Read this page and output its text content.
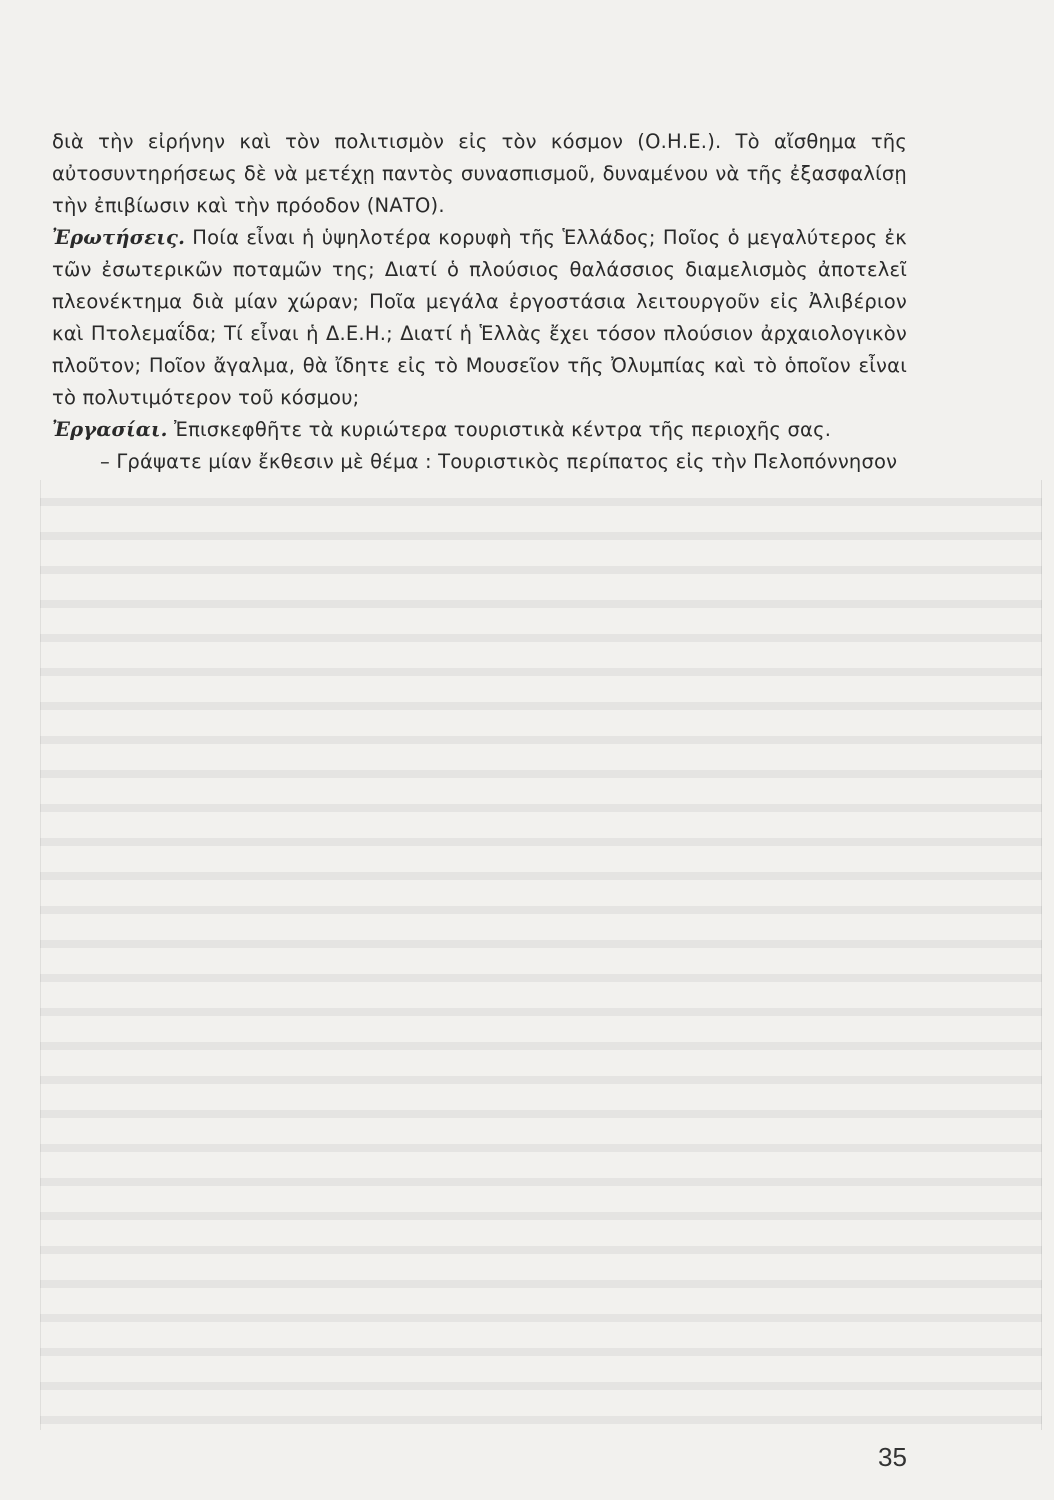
διὰ τὴν εἰρήνην καὶ τὸν πολιτισμὸν εἰς τὸν κόσμον (Ο.Η.Ε.). Τὸ αἴσθημα τῆς αὐτοσυντηρήσεως δὲ νὰ μετέχῃ παντὸς συνασπισμοῦ, δυναμένου νὰ τῆς ἐξασφαλίσῃ τὴν ἐπιβίωσιν καὶ τὴν πρόοδον (ΝΑΤΟ).

Ἐρωτήσεις. Ποία εἶναι ἡ ὑψηλοτέρα κορυφὴ τῆς Ἑλλάδος; Ποῖος ὁ μεγαλύτερος ἐκ τῶν ἐσωτερικῶν ποταμῶν της; Διατί ὁ πλούσιος θαλάσσιος διαμελισμὸς ἀποτελεῖ πλεονέκτημα διὰ μίαν χώραν; Ποῖα μεγάλα ἐργοστάσια λειτουργοῦν εἰς Ἀλιβέριον καὶ Πτολεμαΐδα; Τί εἶναι ἡ Δ.Ε.Η.; Διατί ἡ Ἑλλὰς ἔχει τόσον πλούσιον ἀρχαιολογικὸν πλοῦτον; Ποῖον ἄγαλμα, θὰ ἴδητε εἰς τὸ Μουσεῖον τῆς Ὀλυμπίας καὶ τὸ ὁποῖον εἶναι τὸ πολυτιμότερον τοῦ κόσμου;

Ἐργασίαι. Ἐπισκεφθῆτε τὰ κυριώτερα τουριστικὰ κέντρα τῆς περιοχῆς σας.

– Γράψατε μίαν ἔκθεσιν μὲ θέμα : Τουριστικὸς περίπατος εἰς τὴν Πελοπόννησον

35
